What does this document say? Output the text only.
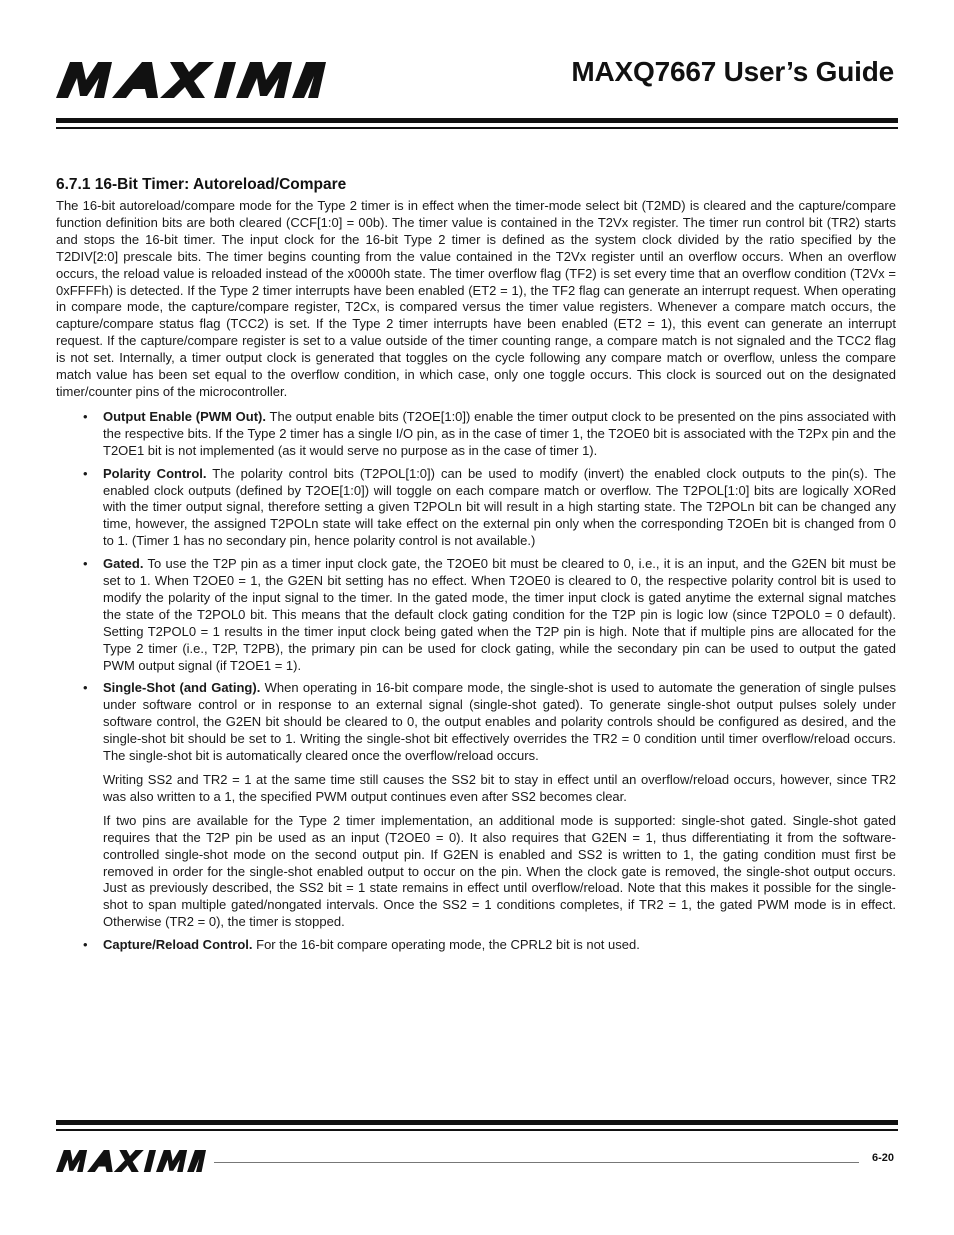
MAXQ7667 User’s Guide
6.7.1 16-Bit Timer: Autoreload/Compare

The 16-bit autoreload/compare mode for the Type 2 timer is in effect when the timer-mode select bit (T2MD) is cleared and the capture/compare function definition bits are both cleared (CCF[1:0] = 00b). The timer value is contained in the T2Vx register. The timer run control bit (TR2) starts and stops the 16-bit timer. The input clock for the 16-bit Type 2 timer is defined as the system clock divided by the ratio specified by the T2DIV[2:0] prescale bits. The timer begins counting from the value contained in the T2Vx register until an overflow occurs. When an overflow occurs, the reload value is reloaded instead of the x0000h state. The timer overflow flag (TF2) is set every time that an overflow condition (T2Vx = 0xFFFFh) is detected. If the Type 2 timer interrupts have been enabled (ET2 = 1), the TF2 flag can generate an interrupt request. When operating in compare mode, the capture/compare register, T2Cx, is compared versus the timer value registers. Whenever a compare match occurs, the capture/compare status flag (TCC2) is set. If the Type 2 timer interrupts have been enabled (ET2 = 1), this event can generate an interrupt request. If the capture/compare register is set to a value outside of the timer counting range, a compare match is not signaled and the TCC2 flag is not set. Internally, a timer output clock is generated that toggles on the cycle following any compare match or overflow, unless the compare match value has been set equal to the overflow condition, in which case, only one toggle occurs. This clock is sourced out on the designated timer/counter pins of the microcontroller.

• Output Enable (PWM Out). The output enable bits (T2OE[1:0]) enable the timer output clock to be presented on the pins associated with the respective bits. If the Type 2 timer has a single I/O pin, as in the case of timer 1, the T2OE0 bit is associated with the T2Px pin and the T2OE1 bit is not implemented (as it would serve no purpose as in the case of timer 1).

• Polarity Control. The polarity control bits (T2POL[1:0]) can be used to modify (invert) the enabled clock outputs to the pin(s). The enabled clock outputs (defined by T2OE[1:0]) will toggle on each compare match or overflow. The T2POL[1:0] bits are logically XORed with the timer output signal, therefore setting a given T2POLn bit will result in a high starting state. The T2POLn bit can be changed any time, however, the assigned T2POLn state will take effect on the external pin only when the corresponding T2OEn bit is changed from 0 to 1. (Timer 1 has no secondary pin, hence polarity control is not available.)

• Gated. To use the T2P pin as a timer input clock gate, the T2OE0 bit must be cleared to 0, i.e., it is an input, and the G2EN bit must be set to 1. When T2OE0 = 1, the G2EN bit setting has no effect. When T2OE0 is cleared to 0, the respective polarity control bit is used to modify the polarity of the input signal to the timer. In the gated mode, the timer input clock is gated anytime the external signal matches the state of the T2POL0 bit. This means that the default clock gating condition for the T2P pin is logic low (since T2POL0 = 0 default). Setting T2POL0 = 1 results in the timer input clock being gated when the T2P pin is high. Note that if multiple pins are allocated for the Type 2 timer (i.e., T2P, T2PB), the primary pin can be used for clock gating, while the secondary pin can be used to output the gated PWM output signal (if T2OE1 = 1).

• Single-Shot (and Gating). When operating in 16-bit compare mode, the single-shot is used to automate the generation of single pulses under software control or in response to an external signal (single-shot gated). To generate single-shot output pulses solely under software control, the G2EN bit should be cleared to 0, the output enables and polarity controls should be configured as desired, and the single-shot bit should be set to 1. Writing the single-shot bit effectively overrides the TR2 = 0 condition until timer overflow/reload occurs. The single-shot bit is automatically cleared once the overflow/reload occurs.

Writing SS2 and TR2 = 1 at the same time still causes the SS2 bit to stay in effect until an overflow/reload occurs, however, since TR2 was also written to a 1, the specified PWM output continues even after SS2 becomes clear.

If two pins are available for the Type 2 timer implementation, an additional mode is supported: single-shot gated. Single-shot gated requires that the T2P pin be used as an input (T2OE0 = 0). It also requires that G2EN = 1, thus differentiating it from the software-controlled single-shot mode on the second output pin. If G2EN is enabled and SS2 is written to 1, the gating condition must first be removed in order for the single-shot enabled output to occur on the pin. When the clock gate is removed, the single-shot output occurs. Just as previously described, the SS2 bit = 1 state remains in effect until overflow/reload. Note that this makes it possible for the single-shot to span multiple gated/nongated intervals. Once the SS2 = 1 conditions completes, if TR2 = 1, the gated PWM mode is in effect. Otherwise (TR2 = 0), the timer is stopped.

• Capture/Reload Control. For the 16-bit compare operating mode, the CPRL2 bit is not used.

6-20
